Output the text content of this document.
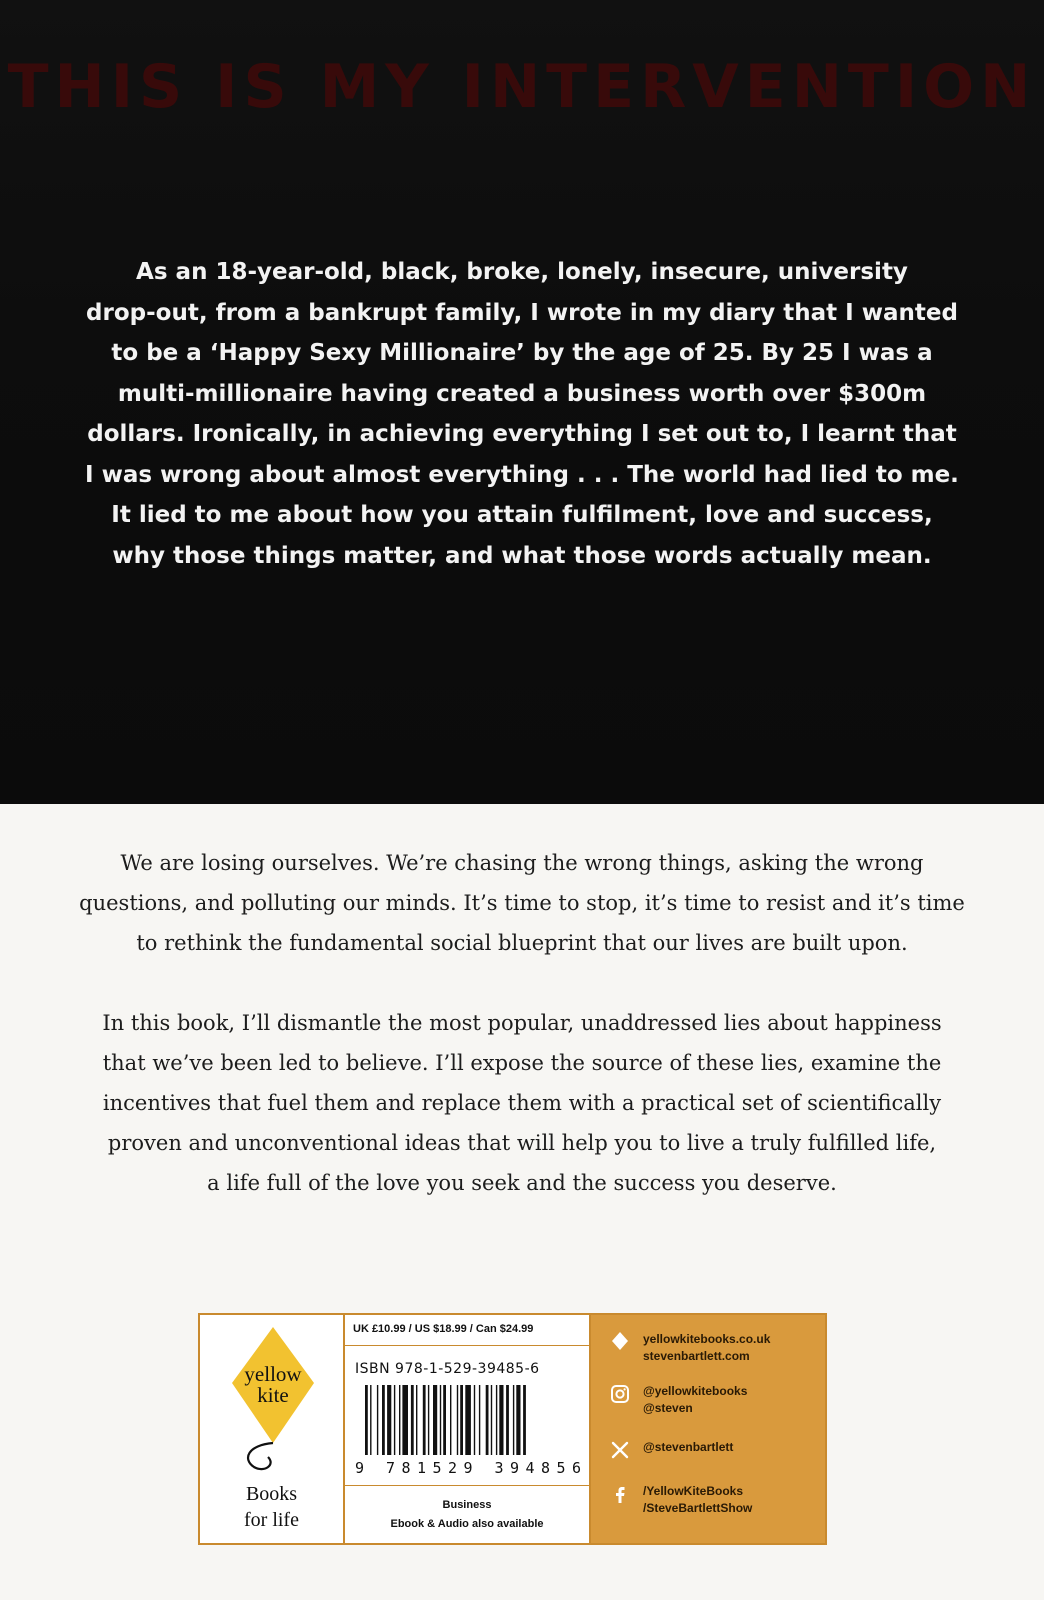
THIS IS MY INTERVENTION
As an 18-year-old, black, broke, lonely, insecure, university
drop-out, from a bankrupt family, I wrote in my diary that I wanted
to be a ‘Happy Sexy Millionaire’ by the age of 25. By 25 I was a
multi-millionaire having created a business worth over $300m
dollars. Ironically, in achieving everything I set out to, I learnt that
I was wrong about almost everything . . . The world had lied to me.
It lied to me about how you attain fulfilment, love and success,
why those things matter, and what those words actually mean.
We are losing ourselves. We’re chasing the wrong things, asking the wrong
questions, and polluting our minds. It’s time to stop, it’s time to resist and it’s time
to rethink the fundamental social blueprint that our lives are built upon.
In this book, I’ll dismantle the most popular, unaddressed lies about happiness
that we’ve been led to believe. I’ll expose the source of these lies, examine the
incentives that fuel them and replace them with a practical set of scientifically
proven and unconventional ideas that will help you to live a truly fulfilled life,
a life full of the love you seek and the success you deserve.
yellow
kite
Books
for life
UK £10.99 / US $18.99 / Can $24.99
ISBN 978-1-529-39485-6
9 781529 394856
Business
Ebook & Audio also available
yellowkitebooks.co.uk
stevenbartlett.com
@yellowkitebooks
@steven
@stevenbartlett
/YellowKiteBooks
/SteveBartlettShow
